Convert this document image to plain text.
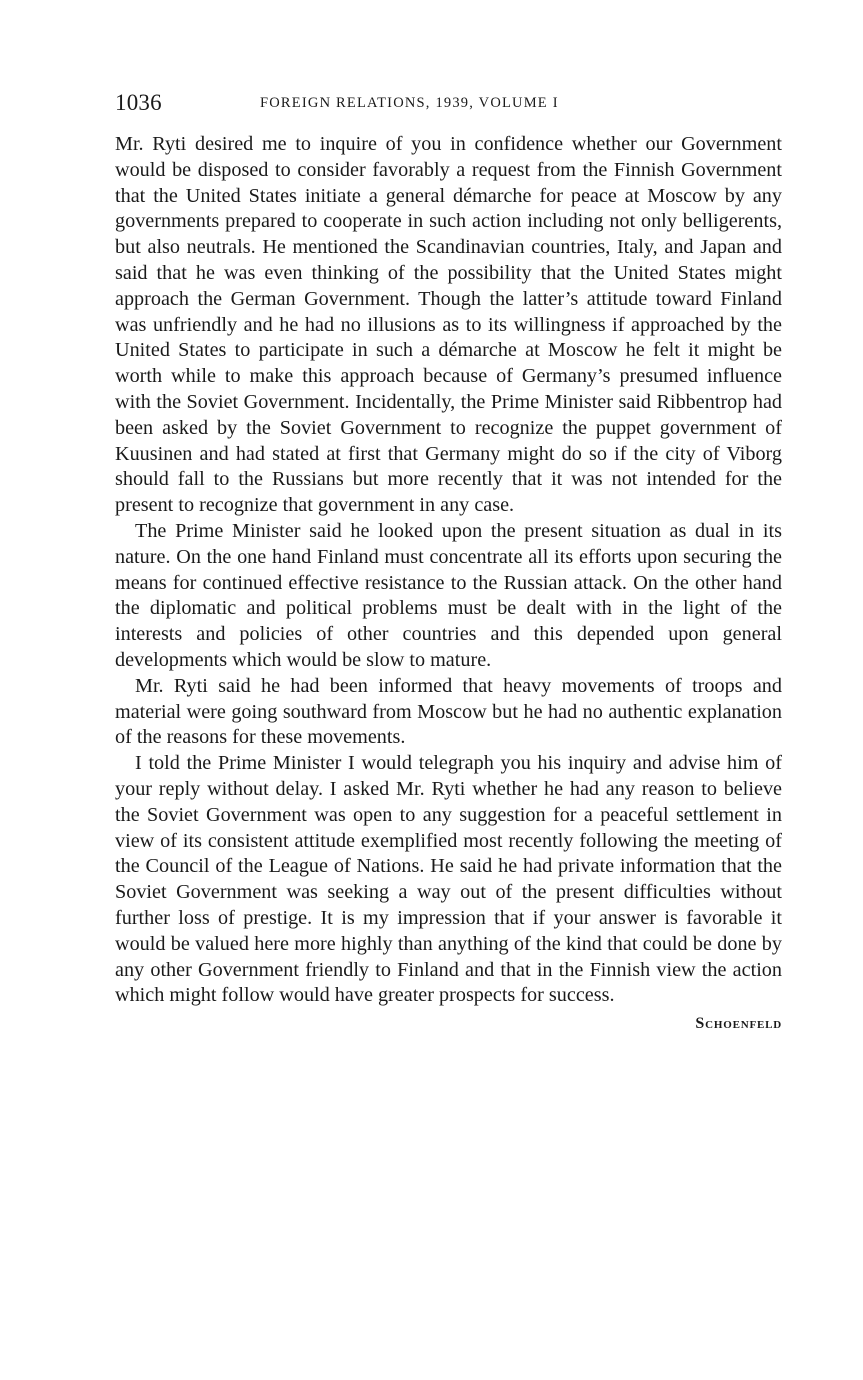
1036	FOREIGN RELATIONS, 1939, VOLUME I

Mr. Ryti desired me to inquire of you in confidence whether our Government would be disposed to consider favorably a request from the Finnish Government that the United States initiate a general démarche for peace at Moscow by any governments prepared to cooperate in such action including not only belligerents, but also neutrals. He mentioned the Scandinavian countries, Italy, and Japan and said that he was even thinking of the possibility that the United States might approach the German Government. Though the latter’s attitude toward Finland was unfriendly and he had no illusions as to its willingness if approached by the United States to participate in such a démarche at Moscow he felt it might be worth while to make this approach because of Germany’s presumed influence with the Soviet Government. Incidentally, the Prime Minister said Ribbentrop had been asked by the Soviet Government to recognize the puppet government of Kuusinen and had stated at first that Germany might do so if the city of Viborg should fall to the Russians but more recently that it was not intended for the present to recognize that government in any case.

The Prime Minister said he looked upon the present situation as dual in its nature. On the one hand Finland must concentrate all its efforts upon securing the means for continued effective resistance to the Russian attack. On the other hand the diplomatic and political problems must be dealt with in the light of the interests and policies of other countries and this depended upon general developments which would be slow to mature.

Mr. Ryti said he had been informed that heavy movements of troops and material were going southward from Moscow but he had no authentic explanation of the reasons for these movements.

I told the Prime Minister I would telegraph you his inquiry and advise him of your reply without delay. I asked Mr. Ryti whether he had any reason to believe the Soviet Government was open to any suggestion for a peaceful settlement in view of its consistent attitude exemplified most recently following the meeting of the Council of the League of Nations. He said he had private information that the Soviet Government was seeking a way out of the present difficulties without further loss of prestige. It is my impression that if your answer is favorable it would be valued here more highly than anything of the kind that could be done by any other Government friendly to Finland and that in the Finnish view the action which might follow would have greater prospects for success.

Schoenfeld
